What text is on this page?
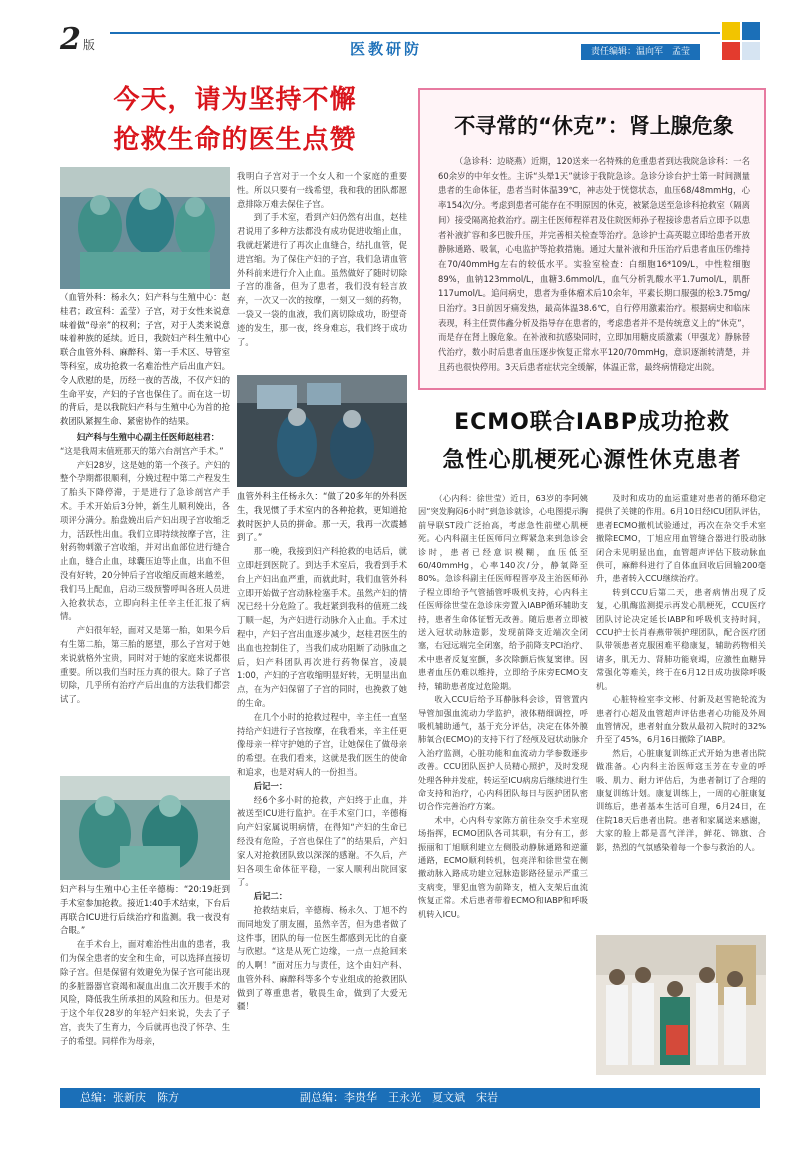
2 版	医教研防	责任编辑：温向军　孟莹
今天，请为坚持不懈
抢救生命的医生点赞

（血管外科：杨永久；妇产科与生殖中心：赵桂君；政宣科：孟莹）子宫，对于女性来说意味着做“母亲”的权利；子宫，对于人类来说意味着种族的延续。近日，我院妇产科生殖中心联合血管外科、麻醉科、第一手术区、导管室等科室，成功抢救一名难治性产后出血产妇。令人欣慰的是，历经一夜的苦战，不仅产妇的生命平安，产妇的子宫也保住了。而在这一切的背后，是以我院妇产科与生殖中心为首的抢救团队紧握生命、紧密协作的结果。

妇产科与生殖中心副主任医师赵桂君：

“这是我周末值班那天的第六台剖宫产手术。”

产妇28岁，这是她的第一个孩子。产妇的整个孕期都很顺利，分娩过程中第二产程发生了胎头下降停滞，于是进行了急诊剖宫产手术。手术开始后3分钟，新生儿顺利娩出，各项评分满分。胎盘娩出后产妇出现子宫收缩乏力，活跃性出血。我们立即持续按摩子宫，注射药物刺激子宫收缩，并对出血部位进行缝合止血，缝合止血，球囊压迫等止血，出血不但没有好转，20分钟后子宫收缩反而越来越差，我们马上配血，启动三级预警呼叫各班人员进入抢救状态，立即向科主任辛主任汇报了病情。

产妇很年轻，面对又是第一胎，如果今后有生第二胎，第三胎的愿望，那么子宫对于她来说就格外宝贵，同时对于她的家庭来说都很重要。所以我们当时压力真的很大。除了子宫切除，几乎所有治疗产后出血的方法我们都尝试了。

妇产科与生殖中心主任辛德梅：“20:19赶到手术室参加抢救。接近1:40手术结束，下台后再联合ICU进行后续治疗和监测。我一夜没有合眼。”

在手术台上，面对难治性出血的患者，我们为保全患者的安全和生命，可以选择直接切除子宫。但是保留有效避免为保子宫可能出现的多脏器器官衰竭和凝血出血二次开腹手术的风险，降低我生所承担的风险和压力。但是对于这个年仅28岁的年轻产妇来说，失去了子宫，丧失了生育力，今后就再也没了怀孕、生子的希望。同样作为母亲，

我明白子宫对于一个女人和一个家庭的重要性。所以只要有一线希望，我和我的团队都愿意排除万难去保住子宫。

到了手术室，看到产妇仍然有出血，赵桂君说用了多种方法都没有成功促进收缩止血，我就赶紧进行了再次止血缝合，结扎血管，促进宫缩。为了保住产妇的子宫，我们急请血管外科前来进行介入止血。虽然做好了随时切除子宫的准备，但为了患者，我们没有轻言放弃，一次又一次的按摩，一刻又一刻的药物，一袋又一袋的血液，我们离切除成功，盼望奇迹的发生，那一夜，终身难忘，我们终于成功了。

血管外科主任杨永久：“做了20多年的外科医生，我见惯了手术室内的各种抢救，更知道抢救时医护人员的拼命。那一天，我再一次震撼到了。”

那一晚，我接到妇产科抢救的电话后，就立即赶到医院了。到达手术室后，我看到手术台上产妇出血严重，而就此时，我们血管外科立即开始做子宫动脉栓塞手术。虽然产妇的情况已经十分危险了。我赶紧到我科的值班二线丁顺一起，为产妇进行动脉介入止血。手术过程中，产妇子宫出血逐步减少，赵桂君医生的出血也控制住了，当我们成功阻断了动脉血之后，妇产科团队再次进行药物保宫，凌晨1:00，产妇的子宫收缩明显好转，无明显出血点，在为产妇保留了子宫的同时，也挽救了她的生命。

在几个小时的抢救过程中，辛主任一直坚持给产妇进行子宫按摩，在我看来，辛主任更像母亲一样守护她的子宫，让她保住了做母亲的希望。在我们看来，这就是我们医生的使命和追求，也是对病人的一份担当。

后记一：

经6个多小时的抢救，产妇终于止血，并被送至ICU进行监护。在手术室门口，辛德梅向产妇家属说明病情，在得知“产妇的生命已经没有危险，子宫也保住了”的结果后，产妇家人对抢救团队致以深深的感谢。不久后，产妇各项生命体征平稳，一家人顺利出院回家了。

后记二：

抢救结束后，辛德梅、杨永久、丁旭不约而同地发了朋友圈，虽然辛苦，但为患者做了这件事，团队的每一位医生都感到无比的自豪与欣慰。“这是从死亡边缘，一点一点抢回来的人啊！”面对压力与责任，这个由妇产科、血管外科、麻醉科等多个专业组成的抢救团队做到了尊重患者，敬畏生命，做到了大爱无疆！

不寻常的“休克”：肾上腺危象
（急诊科：边晓燕）近期，120送来一名特殊的危重患者到达我院急诊科：一名60余岁的中年女性。主诉“头晕1天”就诊于我院急诊。急诊分诊台护士第一时间测量患者的生命体征，患者当时体温39℃，神志处于恍惚状态，血压68/48mmHg，心率154次/分。考虑到患者可能存在不明原因的休克，被紧急送至急诊科抢救室（隔离间）接受隔离抢救治疗。副主任医师程祥君及住院医师孙子程接诊患者后立即予以患者补液扩容和多巴胺升压，并完善相关检查等治疗。急诊护士高英聪立即给患者开放静脉通路、吸氧，心电监护等抢救措施。通过大量补液和升压治疗后患者血压仍维持在70/40mmHg左右的较低水平。实验室检查：白细胞16*109/L，中性粒细胞89%，血钠123mmol/L，血糖3.6mmol/L，血气分析乳酸水平1.7umol/L，肌酐117umol/L。追问病史，患者为垂体瘤术后10余年，平素长期口服强的松3.75mg/日治疗。3日前因牙痛发热，最高体温38.6℃，自行停用激素治疗。根据病史和临床表现，科主任贾伟鑫分析及指导存在患者的，考虑患者并不是传统意义上的“休克”，而是存在肾上腺危象。在补液和抗感染同时，立即加用糖皮质激素（甲强龙）静脉替代治疗，数小时后患者血压逐步恢复正常水平120/70mmHg，意识逐渐转清楚，并且药也很快停用。3天后患者症状完全缓解，体温正常，最终病情稳定出院。
ECMO联合IABP成功抢救
急性心肌梗死心源性休克患者

（心内科：徐世莹）近日，63岁的李阿姨因“突发胸闷6小时”到急诊就诊，心电图提示胸前导联ST段广泛抬高，考虑急性前壁心肌梗死。心内科副主任医师闫立辉紧急来到急诊会诊时，患者已经意识模糊，血压低至60/40mmHg，心率140次/分，静氧降至80%。急诊科副主任医师程晋亭及主治医师孙子程立即给予气管插管呼吸机支持，心内科主任医师徐世莹在急诊床旁置入IABP循环辅助支持，患者生命体征暂无改善。随后患者立即被送入冠状动脉造影，发现前降支近端次全闭塞，右冠远端完全闭塞，给予前降支PCI治疗、术中患者反复室颤，多次除颤后恢复窦律。因患者血压仍难以维持，立即给予床旁ECMO支持，辅助患者度过危险期。

收入CCU后给予耳静脉科会诊，胃管置内导管加强血流动力学监护，液体精细调控，呼吸机辅助通气，基于充分评估，决定在体外膜肺氧合(ECMO)的支持下行了经颅及冠状动脉介入治疗监测，心脏功能和血流动力学参数逐步改善。CCU团队医护人员精心照护，及时发现处理各种并发症，转运至ICU病房后继续进行生命支持和治疗，心内科团队每日与医护团队密切合作完善治疗方案。

术中，心内科专家陈方前往杂交手术室现场指挥，ECMO团队各司其职，有分有工，彭振丽和丁旭顺利建立左侧股动静脉通路和逆灌通路，ECMO顺利转机，包亮洋和徐世莹在侧撤动脉入路成功建立冠脉造影路径显示严重三支病变，罪犯血管为前降支，植入支架后血流恢复正常。术后患者带着ECMO和IABP和呼吸机转入ICU。

及时和成功的血运重建对患者的循环稳定提供了关键的作用。6月10日经ICU团队评估，患者ECMO撤机试验通过，再次在杂交手术室撤除ECMO，丁旭应用血管缝合器进行股动脉闭合未见明显出血，血管超声评估下肢动脉血供可，麻醉科进行了自体血回收后回输200毫升，患者转入CCU继续治疗。

转到CCU后第二天，患者病情出现了反复，心肌酶监测提示再发心肌梗死，CCU医疗团队讨论决定延长IABP和呼吸机支持时间，CCU护士长肖春燕带领护理团队，配合医疗团队带领患者克服困难平稳康复，辅助药物相关诸多，肌无力、肾肺功能衰竭，应激性血糖异常强化等难关，终于在6月12日成功拔除呼吸机。

心脏特检室李文彬、付新及赵雪艳轮流为患者行心超及血管超声评估患者心功能及外周血管情况，患者射血分数从最初入院时的32%升至了45%，6月16日撤除了IABP。

然后，心脏康复训练正式开始为患者出院做准备。心内科主治医师寇玉芳在专业的呼吸、肌力、耐力评估后，为患者制订了合理的康复训练计划。康复训练上，一周的心脏康复训练后，患者基本生活可自理，6月24日，在住院18天后患者出院。患者和家属送来感谢，大家的脸上都是喜气洋洋，鲜花、锦旗、合影，热烈的气氛感染着每一个参与救治的人。

总编：张新庆　陈方	副总编：李贵华　王永光　夏文斌　宋岩
